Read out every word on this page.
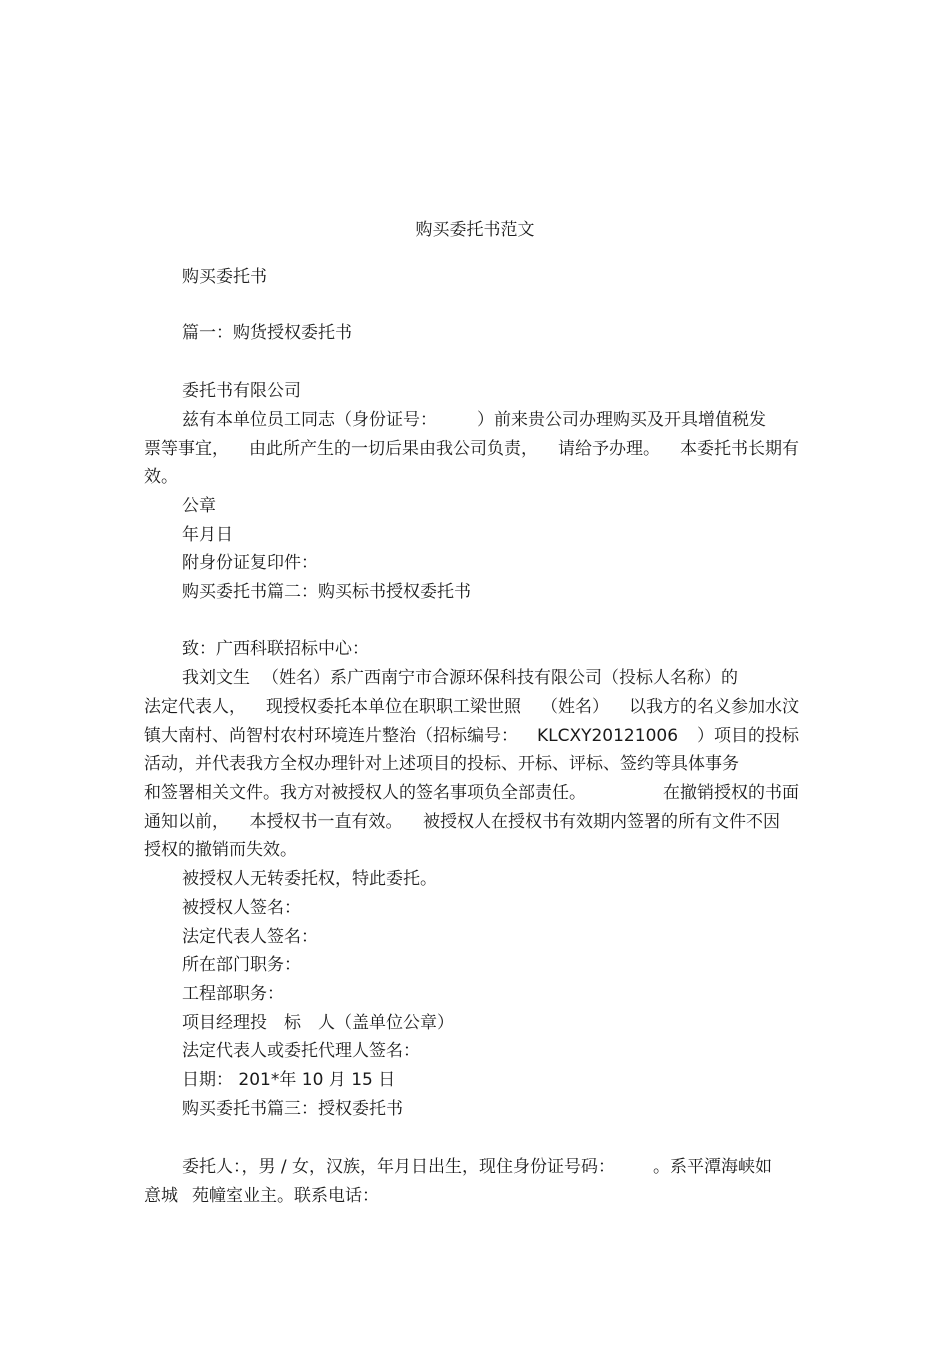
购买委托书范文
购买委托书
篇一：购货授权委托书
委托书有限公司
兹有本单位员工同志（身份证号： ）前来贵公司办理购买及开具增值税发
票等事宜， 由此所产生的一切后果由我公司负责， 请给予办理。 本委托书长期有
效。
公章
年月日
附身份证复印件：
购买委托书篇二：购买标书授权委托书
致：广西科联招标中心：
我刘文生 （姓名）系广西南宁市合源环保科技有限公司（投标人名称）的
法定代表人， 现授权委托本单位在职职工梁世照 （姓名） 以我方的名义参加水汶
镇大南村、尚智村农村环境连片整治（招标编号： KLCXY20121006 ）项目的投标
活动，并代表我方全权办理针对上述项目的投标、开标、评标、签约等具体事务
和签署相关文件。我方对被授权人的签名事项负全部责任。	在撤销授权的书面
通知以前， 本授权书一直有效。 被授权人在授权书有效期内签署的所有文件不因
授权的撤销而失效。
被授权人无转委托权，特此委托。
被授权人签名：
法定代表人签名：
所在部门职务：
工程部职务：
项目经理投　标　人（盖单位公章）
法定代表人或委托代理人签名：
日期： 201*年 10 月 15 日
购买委托书篇三：授权委托书
委托人：，男 / 女，汉族，年月日出生，现住身份证号码： 。系平潭海峡如
意城 苑幢室业主。联系电话：
